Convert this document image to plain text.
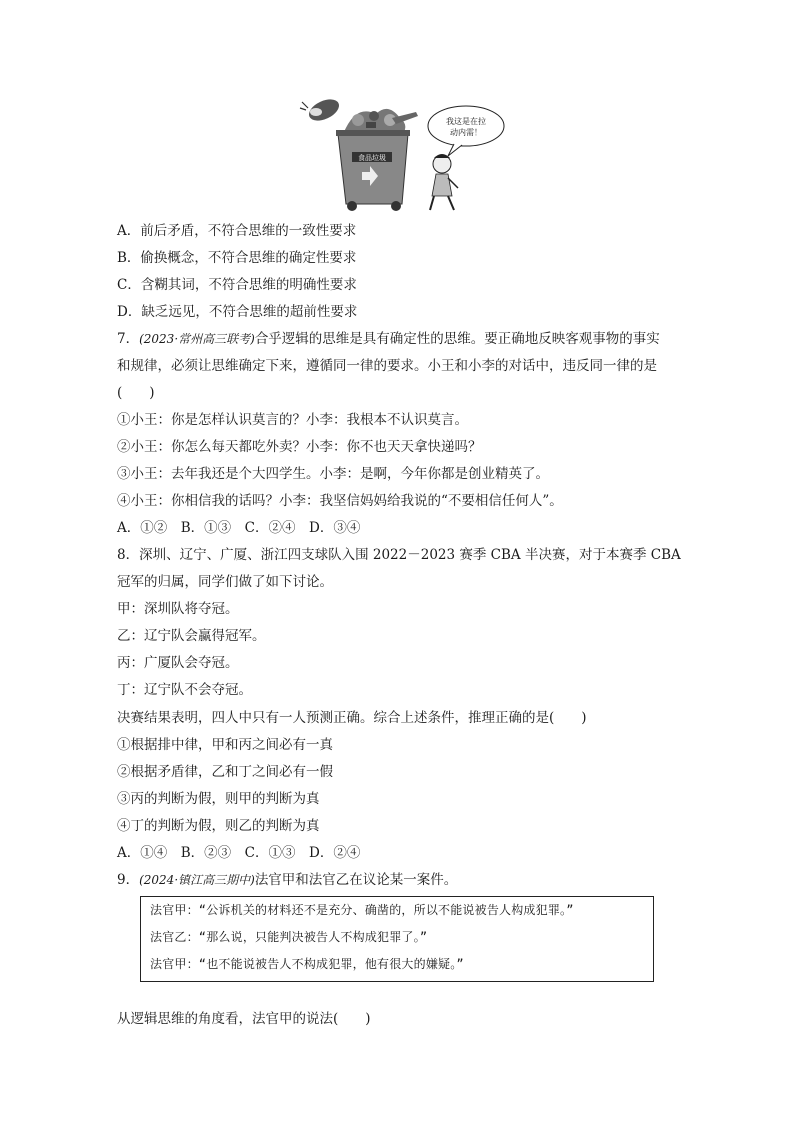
食品垃圾
我这是在拉
动内需！
A．前后矛盾，不符合思维的一致性要求
B．偷换概念，不符合思维的确定性要求
C．含糊其词，不符合思维的明确性要求
D．缺乏远见，不符合思维的超前性要求
7．(2023·常州高三联考)合乎逻辑的思维是具有确定性的思维。要正确地反映客观事物的事实
和规律，必须让思维确定下来，遵循同一律的要求。小王和小李的对话中，违反同一律的是
(　　)
①小王：你是怎样认识莫言的？小李：我根本不认识莫言。
②小王：你怎么每天都吃外卖？小李：你不也天天拿快递吗？
③小王：去年我还是个大四学生。小李：是啊，今年你都是创业精英了。
④小王：你相信我的话吗？小李：我坚信妈妈给我说的“不要相信任何人”。
A．①②　B．①③　C．②④　D．③④
8．深圳、辽宁、广厦、浙江四支球队入围 2022－2023 赛季 CBA 半决赛，对于本赛季 CBA
冠军的归属，同学们做了如下讨论。
甲：深圳队将夺冠。
乙：辽宁队会赢得冠军。
丙：广厦队会夺冠。
丁：辽宁队不会夺冠。
决赛结果表明，四人中只有一人预测正确。综合上述条件，推理正确的是(　　)
①根据排中律，甲和丙之间必有一真
②根据矛盾律，乙和丁之间必有一假
③丙的判断为假，则甲的判断为真
④丁的判断为假，则乙的判断为真
A．①④　B．②③　C．①③　D．②④
9．(2024·镇江高三期中)法官甲和法官乙在议论某一案件。
法官甲：“公诉机关的材料还不是充分、确凿的，所以不能说被告人构成犯罪。”
法官乙：“那么说，只能判决被告人不构成犯罪了。”
法官甲：“也不能说被告人不构成犯罪，他有很大的嫌疑。”
从逻辑思维的角度看，法官甲的说法(　　)
